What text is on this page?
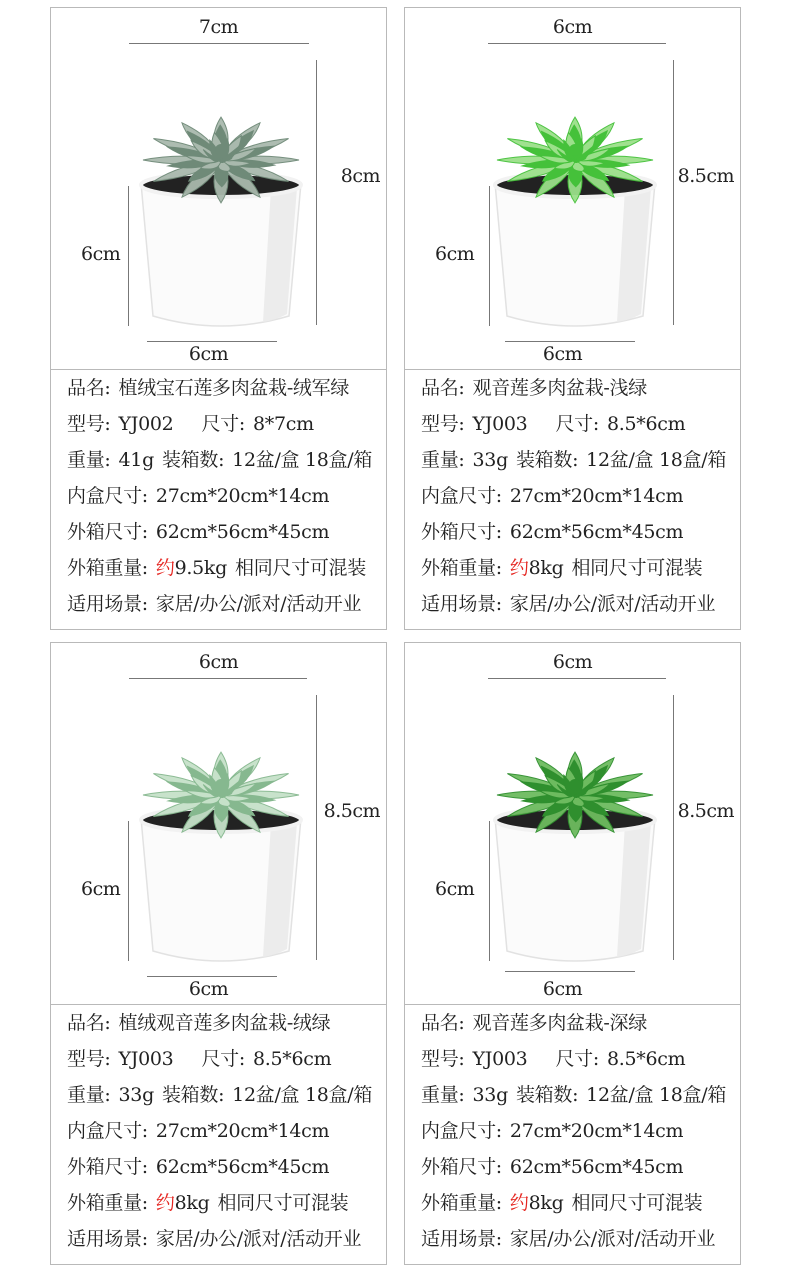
7cm
8cm
6cm
6cm
品名: 植绒宝石莲多肉盆栽-绒军绿
型号: YJ002 尺寸: 8*7cm
重量: 41g 装箱数: 12盆/盒 18盒/箱
内盒尺寸: 27cm*20cm*14cm
外箱尺寸: 62cm*56cm*45cm
外箱重量: 约9.5kg 相同尺寸可混装
适用场景: 家居/办公/派对/活动开业
6cm
8.5cm
6cm
6cm
品名: 观音莲多肉盆栽-浅绿
型号: YJ003 尺寸: 8.5*6cm
重量: 33g 装箱数: 12盆/盒 18盒/箱
内盒尺寸: 27cm*20cm*14cm
外箱尺寸: 62cm*56cm*45cm
外箱重量: 约8kg 相同尺寸可混装
适用场景: 家居/办公/派对/活动开业
6cm
8.5cm
6cm
6cm
品名: 植绒观音莲多肉盆栽-绒绿
型号: YJ003 尺寸: 8.5*6cm
重量: 33g 装箱数: 12盆/盒 18盒/箱
内盒尺寸: 27cm*20cm*14cm
外箱尺寸: 62cm*56cm*45cm
外箱重量: 约8kg 相同尺寸可混装
适用场景: 家居/办公/派对/活动开业
6cm
8.5cm
6cm
6cm
品名: 观音莲多肉盆栽-深绿
型号: YJ003 尺寸: 8.5*6cm
重量: 33g 装箱数: 12盆/盒 18盒/箱
内盒尺寸: 27cm*20cm*14cm
外箱尺寸: 62cm*56cm*45cm
外箱重量: 约8kg 相同尺寸可混装
适用场景: 家居/办公/派对/活动开业
